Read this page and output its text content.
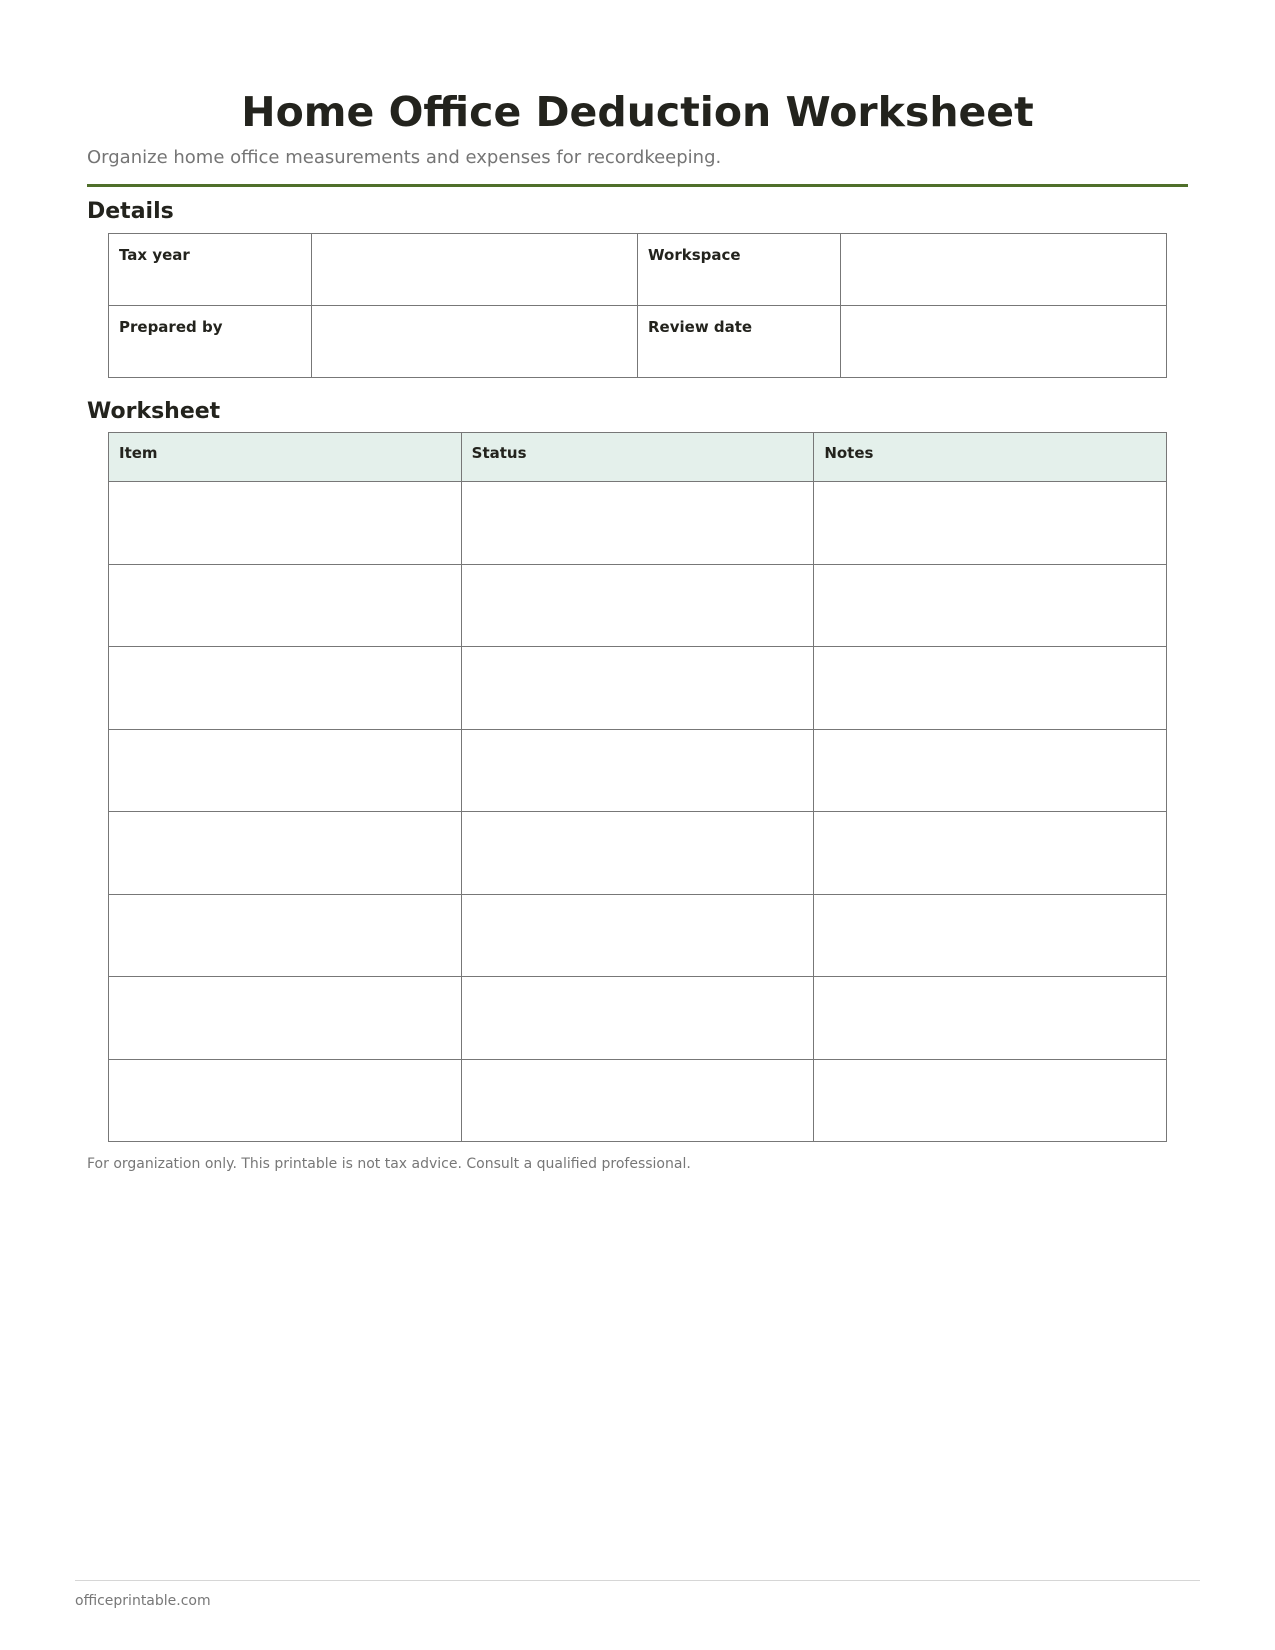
Home Office Deduction Worksheet
Organize home office measurements and expenses for recordkeeping.
Details
Tax year		Workspace	
Prepared by		Review date	
Worksheet
Item	Status	Notes

For organization only. This printable is not tax advice. Consult a qualified professional.
officeprintable.com
